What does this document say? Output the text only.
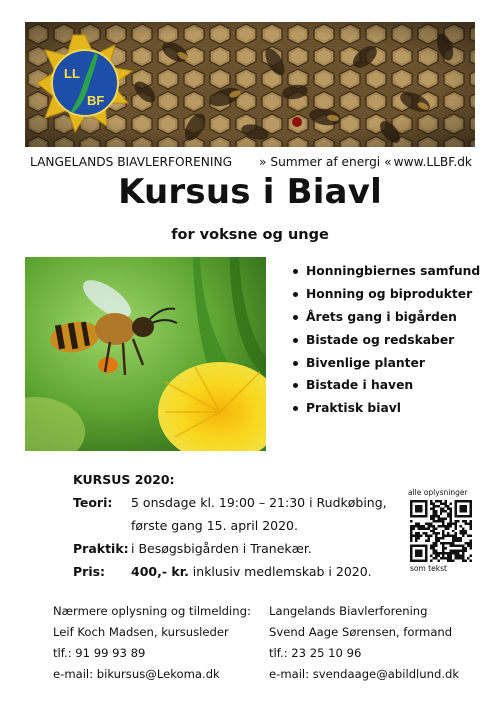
LL
BF
LANGELANDS BIAVLERFORENING » Summer af energi « www.LLBF.dk
Kursus i Biavl
for voksne og unge
Honningbiernes samfund
Honning og biprodukter
Årets gang i bigården
Bistade og redskaber
Bivenlige planter
Bistade i haven
Praktisk biavl
KURSUS 2020:
Teori: 5 onsdage kl. 19:00 – 21:30 i Rudkøbing,
første gang 15. april 2020.
Praktik: i Besøgsbigården i Tranekær.
Pris: 400,- kr. inklusiv medlemskab i 2020.
alle oplysninger
som tekst
Nærmere oplysning og tilmelding:
Leif Koch Madsen, kursusleder
tlf.: 91 99 93 89
e-mail: bikursus@Lekoma.dk
Langelands Biavlerforening
Svend Aage Sørensen, formand
tlf.: 23 25 10 96
e-mail: svendaage@abildlund.dk
